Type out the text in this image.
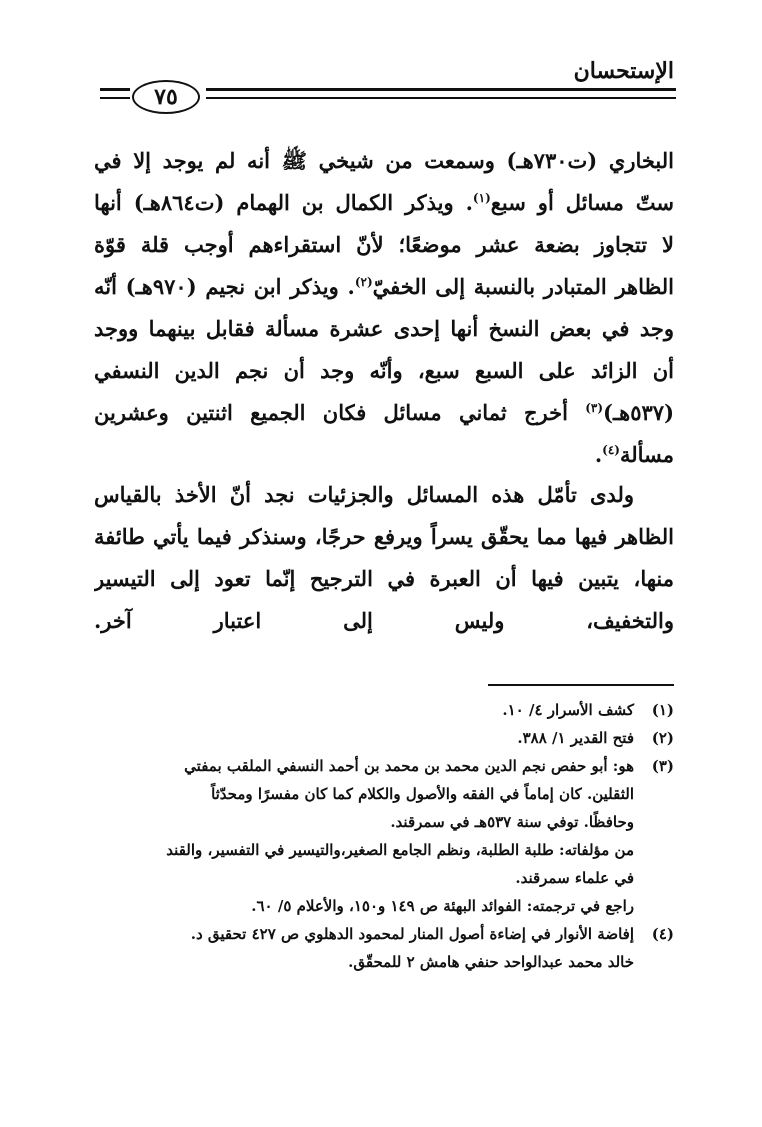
الإستحسان
٧٥
البخاري (ت٧٣٠هـ) وسمعت من شيخي ﷺ أنه لم يوجد إلا في
ستّ مسائل أو سبع$^{(١)}$. ويذكر الكمال بن الهمام (ت٨٦٤هـ) أنها
لا تتجاوز بضعة عشر موضعًا؛ لأنّ استقراءهم أوجب قلة قوّة
الظاهر المتبادر بالنسبة إلى الخفيّ$^{(٢)}$. ويذكر ابن نجيم (٩٧٠هـ) أنّه
وجد في بعض النسخ أنها إحدى عشرة مسألة فقابل بينهما ووجد
أن الزائد على السبع سبع، وأنّه وجد أن نجم الدين النسفي
(٥٣٧هـ)$^{(٣)}$ أخرج ثماني مسائل فكان الجميع اثنتين وعشرين
مسألة$^{(٤)}$.
ولدى تأمّل هذه المسائل والجزئيات نجد أنّ الأخذ بالقياس
الظاهر فيها مما يحقّق يسراً ويرفع حرجًا، وسنذكر فيما يأتي طائفة
منها، يتبين فيها أن العبرة في الترجيح إنّما تعود إلى التيسير
والتخفيف، وليس إلى اعتبار آخر.
(١)
كشف الأسرار ٤/ ١٠.
(٢)
فتح القدير ١/ ٣٨٨.
(٣)
هو: أبو حفص نجم الدين محمد بن محمد بن أحمد النسفي الملقب بمفتي
الثقلين. كان إماماً في الفقه والأصول والكلام كما كان مفسرًا ومحدّثاً
وحافظًا. توفي سنة ٥٣٧هـ في سمرقند.
من مؤلفاته: طلبة الطلبة، ونظم الجامع الصغير،والتيسير في التفسير، والقند
في علماء سمرقند.
راجع في ترجمته: الفوائد البهئة ص ١٤٩ و١٥٠، والأعلام ٥/ ٦٠.
(٤)
إفاضة الأنوار في إضاءة أصول المنار لمحمود الدهلوي ص ٤٢٧ تحقيق د.
خالد محمد عبدالواحد حنفي هامش ٢ للمحقّق.
